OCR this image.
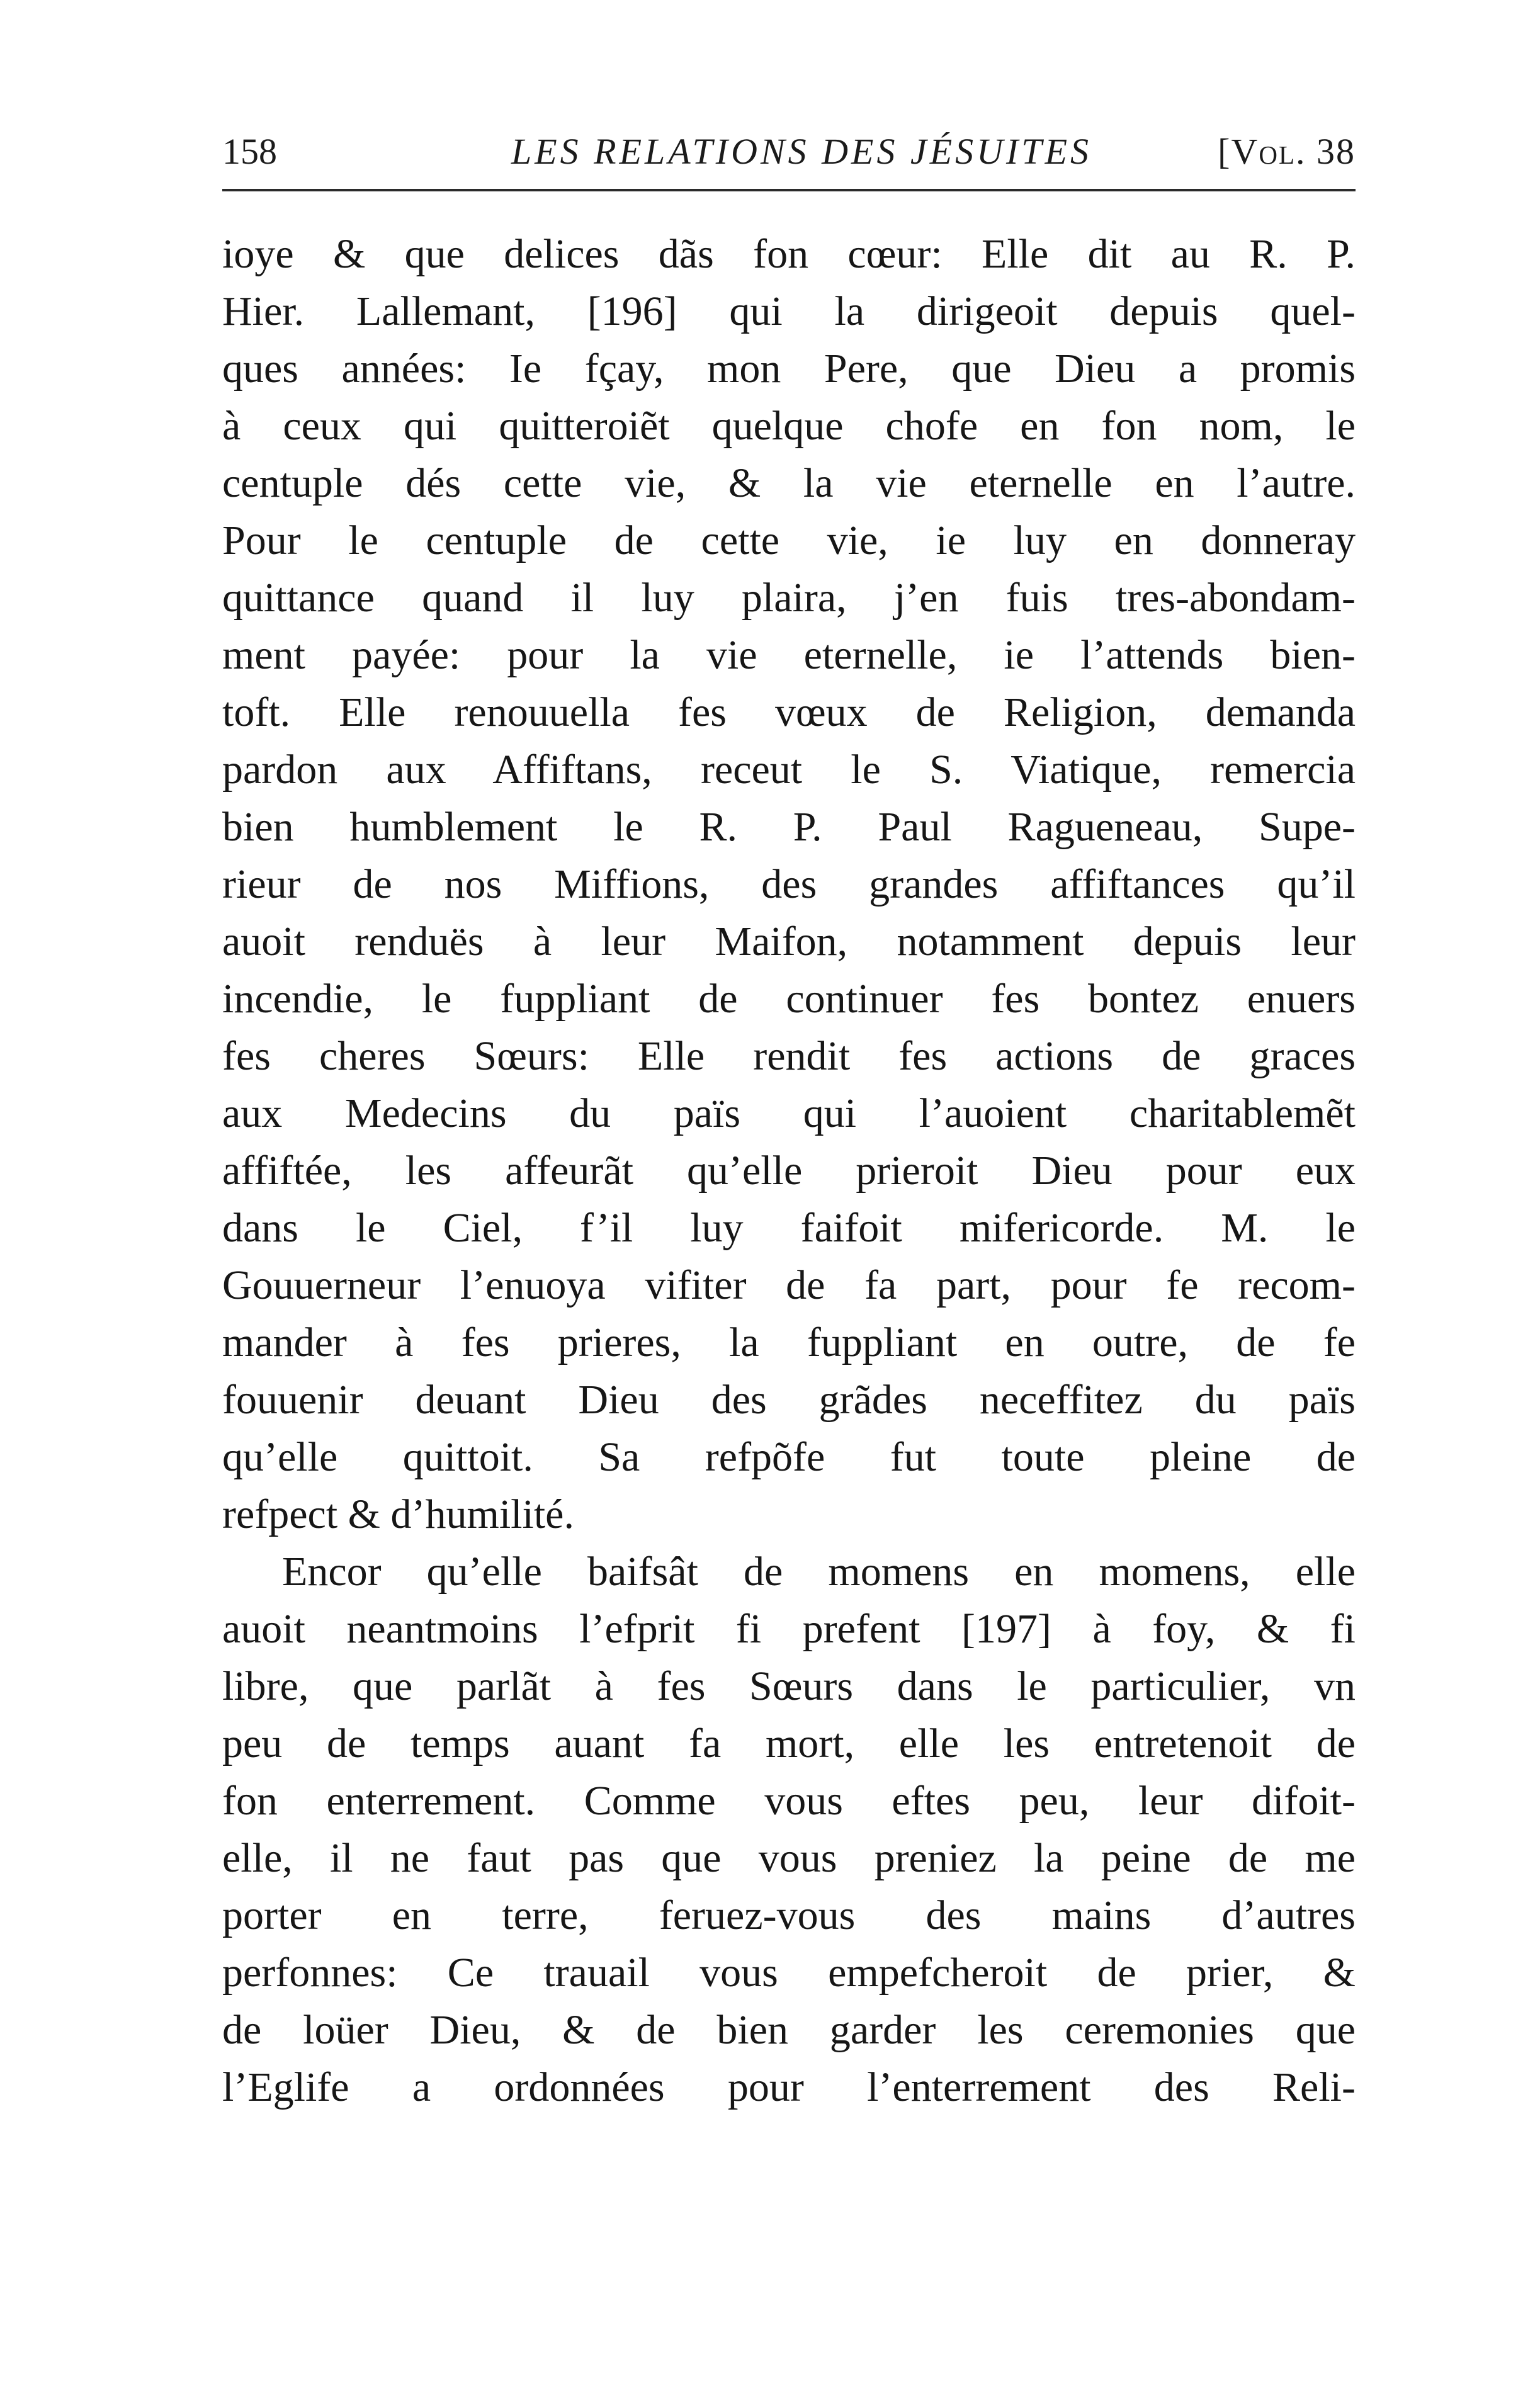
158	LES RELATIONS DES JÉSUITES	[Vol. 38
ioye & que delices dãs fon cœur: Elle dit au R. P.
Hier. Lallemant, [196] qui la dirigeoit depuis quel-
ques années: Ie fçay, mon Pere, que Dieu a promis
à ceux qui quitteroiẽt quelque chofe en fon nom, le
centuple dés cette vie, & la vie eternelle en l’autre.
Pour le centuple de cette vie, ie luy en donneray
quittance quand il luy plaira, j’en fuis tres-abondam-
ment payée: pour la vie eternelle, ie l’attends bien-
toft. Elle renouuella fes vœux de Religion, demanda
pardon aux Affiftans, receut le S. Viatique, remercia
bien humblement le R. P. Paul Ragueneau, Supe-
rieur de nos Miffions, des grandes affiftances qu’il
auoit renduës à leur Maifon, notamment depuis leur
incendie, le fuppliant de continuer fes bontez enuers
fes cheres Sœurs: Elle rendit fes actions de graces
aux Medecins du païs qui l’auoient charitablemẽt
affiftée, les affeurãt qu’elle prieroit Dieu pour eux
dans le Ciel, f’il luy faifoit mifericorde. M. le
Gouuerneur l’enuoya vifiter de fa part, pour fe recom-
mander à fes prieres, la fuppliant en outre, de fe
fouuenir deuant Dieu des grãdes neceffitez du païs
qu’elle quittoit. Sa refpõfe fut toute pleine de
refpect & d’humilité.
Encor qu’elle baifsât de momens en momens, elle
auoit neantmoins l’efprit fi prefent [197] à foy, & fi
libre, que parlãt à fes Sœurs dans le particulier, vn
peu de temps auant fa mort, elle les entretenoit de
fon enterrement. Comme vous eftes peu, leur difoit-
elle, il ne faut pas que vous preniez la peine de me
porter en terre, feruez-vous des mains d’autres
perfonnes: Ce trauail vous empefcheroit de prier, &
de loüer Dieu, & de bien garder les ceremonies que
l’Eglife a ordonnées pour l’enterrement des Reli-
